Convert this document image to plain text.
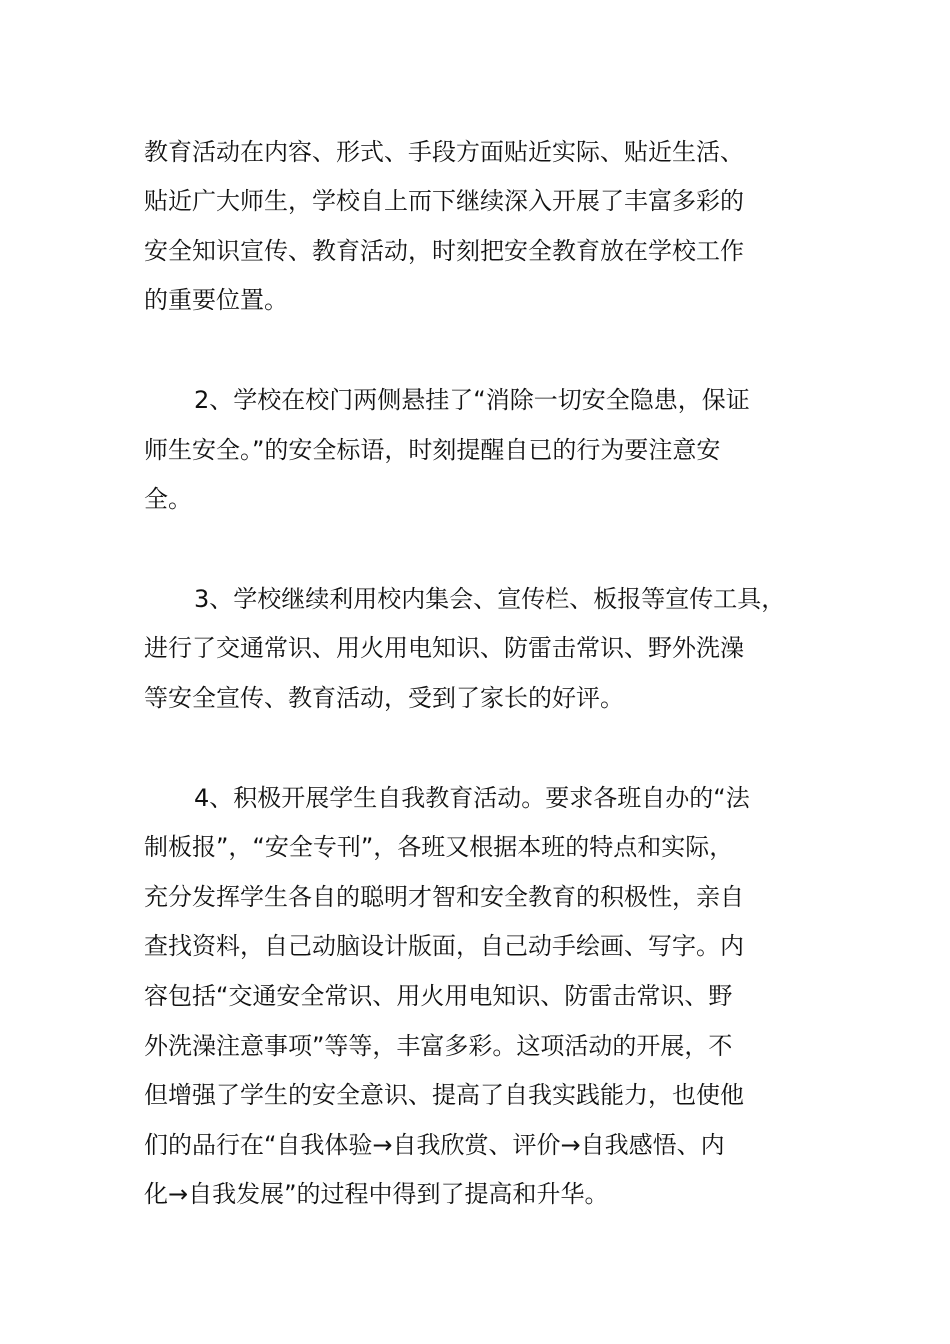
教育活动在内容、形式、手段方面贴近实际、贴近生活、
贴近广大师生，学校自上而下继续深入开展了丰富多彩的
安全知识宣传、教育活动，时刻把安全教育放在学校工作
的重要位置。
2、学校在校门两侧悬挂了“消除一切安全隐患，保证
师生安全。”的安全标语，时刻提醒自已的行为要注意安
全。
3、学校继续利用校内集会、宣传栏、板报等宣传工具，
进行了交通常识、用火用电知识、防雷击常识、野外洗澡
等安全宣传、教育活动，受到了家长的好评。
4、积极开展学生自我教育活动。要求各班自办的“法
制板报”，“安全专刊”，各班又根据本班的特点和实际，
充分发挥学生各自的聪明才智和安全教育的积极性，亲自
查找资料，自己动脑设计版面，自己动手绘画、写字。内
容包括“交通安全常识、用火用电知识、防雷击常识、野
外洗澡注意事项”等等，丰富多彩。这项活动的开展，不
但增强了学生的安全意识、提高了自我实践能力，也使他
们的品行在“自我体验→自我欣赏、评价→自我感悟、内
化→自我发展”的过程中得到了提高和升华。
